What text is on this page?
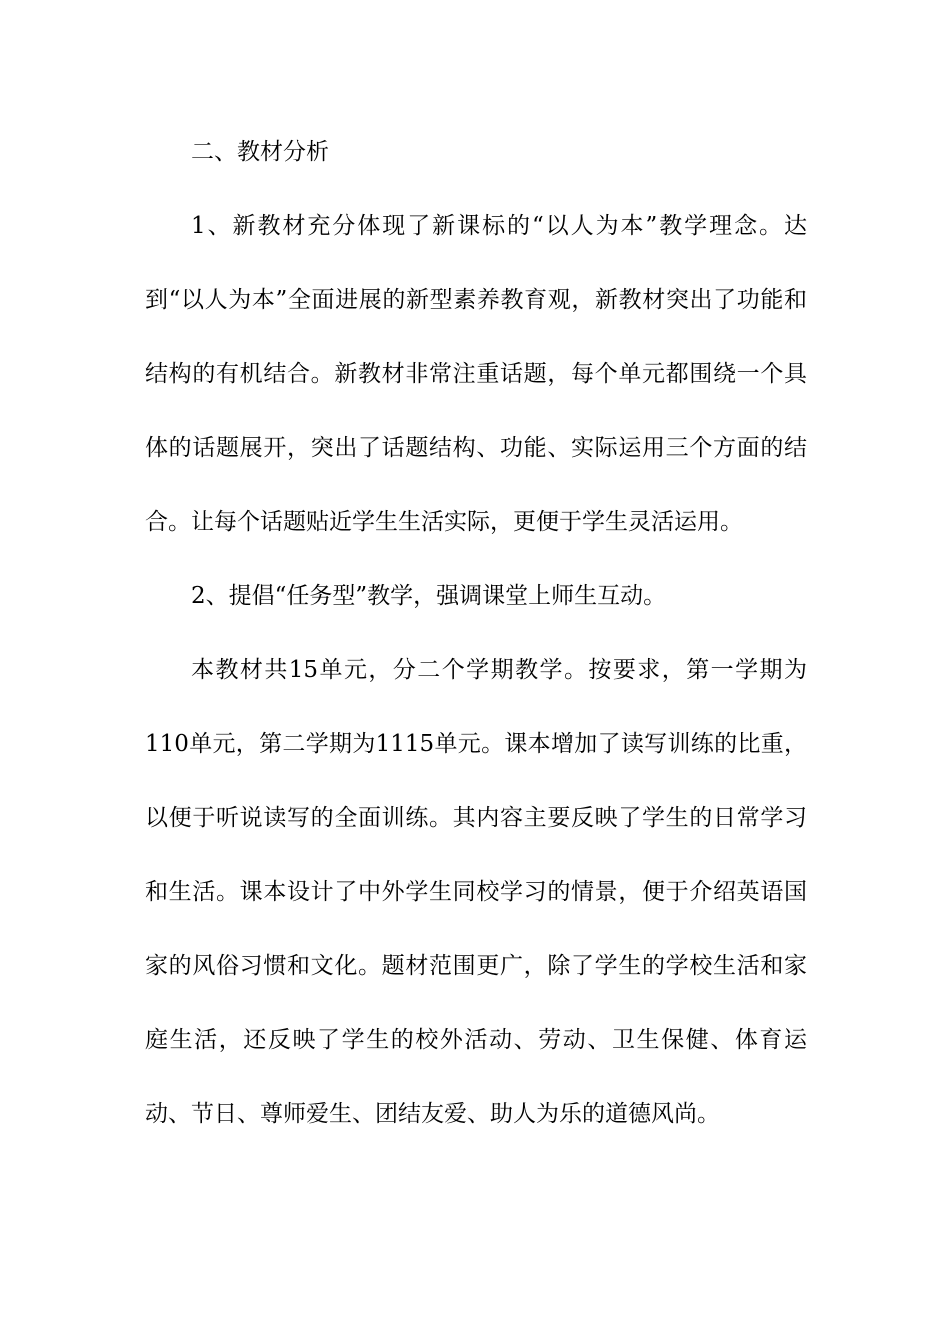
二、教材分析

1、新教材充分体现了新课标的“以人为本”教学理念。达到“以人为本”全面进展的新型素养教育观，新教材突出了功能和结构的有机结合。新教材非常注重话题，每个单元都围绕一个具体的话题展开，突出了话题结构、功能、实际运用三个方面的结合。让每个话题贴近学生生活实际，更便于学生灵活运用。

2、提倡“任务型”教学，强调课堂上师生互动。

本教材共15单元，分二个学期教学。按要求，第一学期为110单元，第二学期为1115单元。课本增加了读写训练的比重，以便于听说读写的全面训练。其内容主要反映了学生的日常学习和生活。课本设计了中外学生同校学习的情景，便于介绍英语国家的风俗习惯和文化。题材范围更广，除了学生的学校生活和家庭生活，还反映了学生的校外活动、劳动、卫生保健、体育运动、节日、尊师爱生、团结友爱、助人为乐的道德风尚。
